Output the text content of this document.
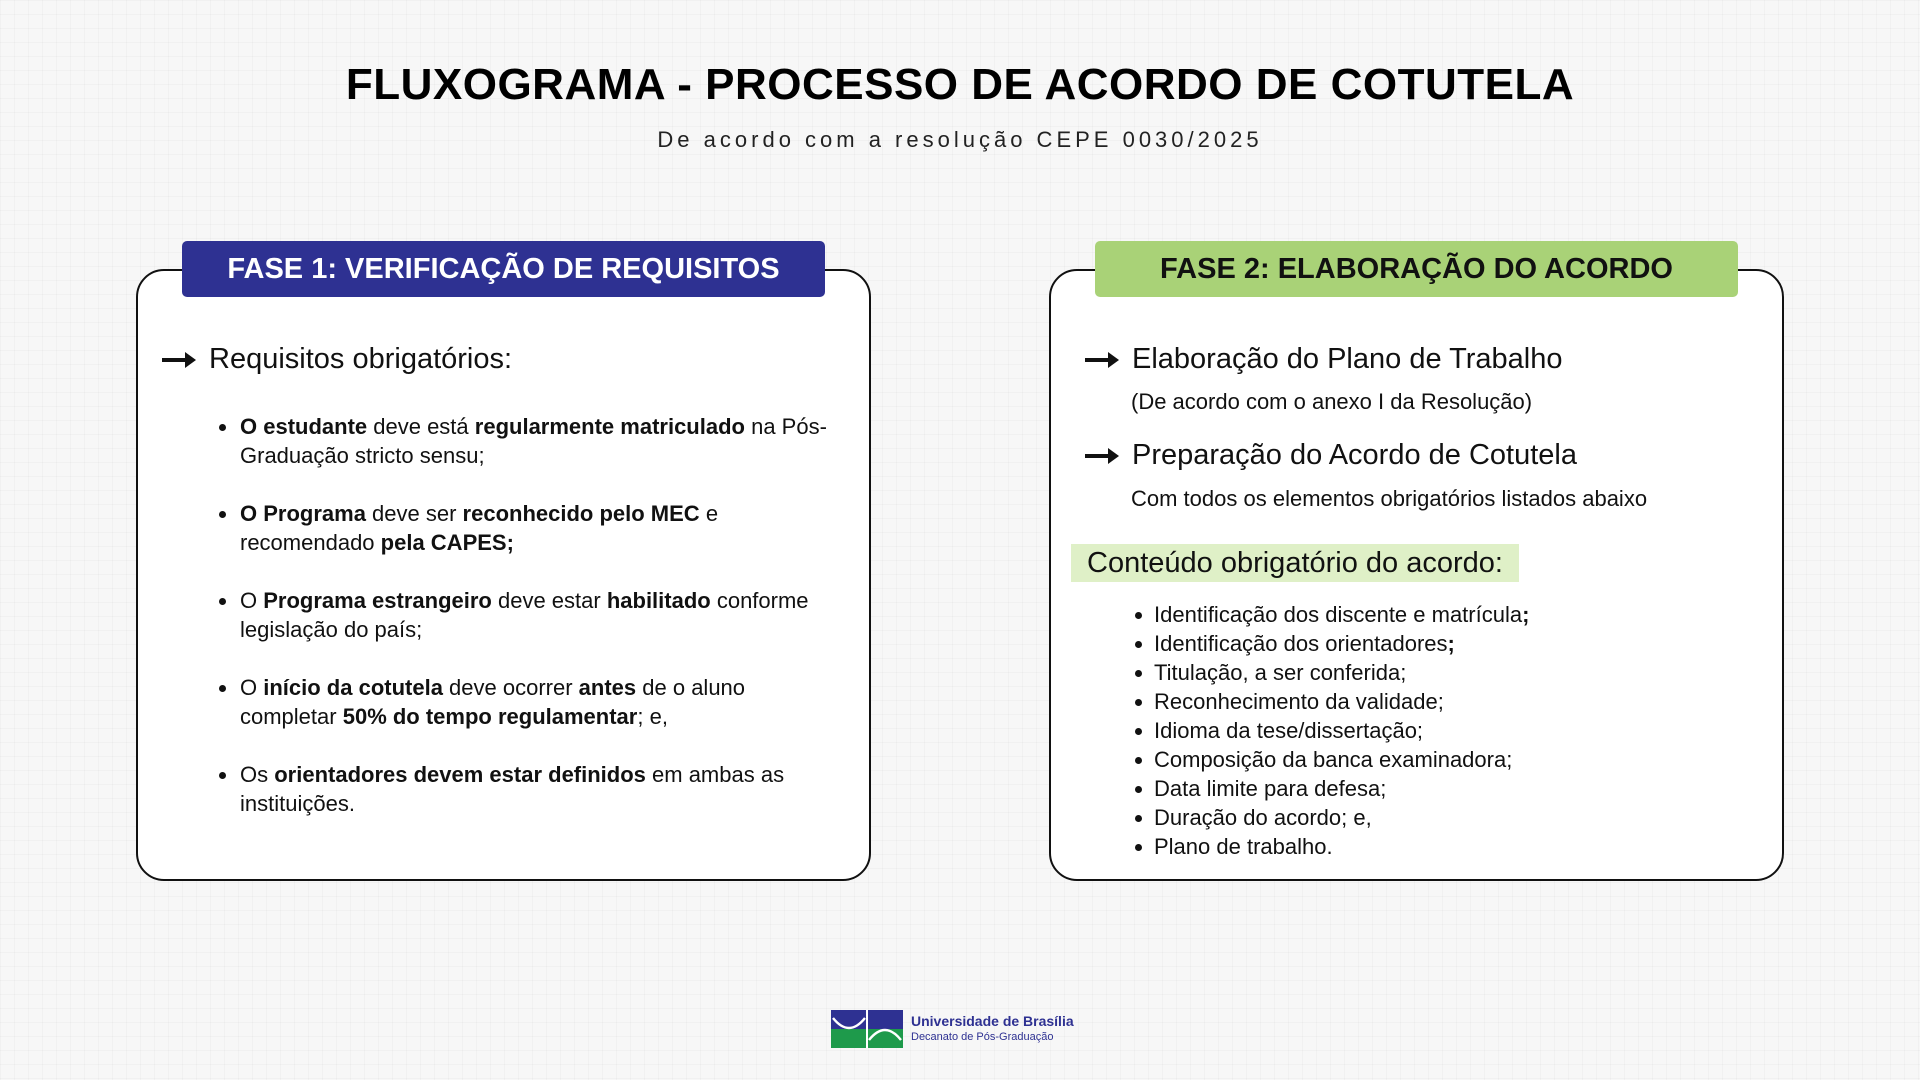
FLUXOGRAMA - PROCESSO DE ACORDO DE COTUTELA
De acordo com a resolução CEPE 0030/2025
FASE 1: VERIFICAÇÃO DE REQUISITOS
Requisitos obrigatórios:
O estudante deve está regularmente matriculado na Pós-Graduação stricto sensu;
O Programa deve ser reconhecido pelo MEC e recomendado pela CAPES;
O Programa estrangeiro deve estar habilitado conforme legislação do país;
O início da cotutela deve ocorrer antes de o aluno completar 50% do tempo regulamentar; e,
Os orientadores devem estar definidos em ambas as instituições.
FASE 2: ELABORAÇÃO DO ACORDO
Elaboração do Plano de Trabalho
(De acordo com o anexo I da Resolução)
Preparação do Acordo de Cotutela
Com todos os elementos obrigatórios listados abaixo
Conteúdo obrigatório do acordo:
Identificação dos discente e matrícula;
Identificação dos orientadores;
Titulação, a ser conferida;
Reconhecimento da validade;
Idioma da tese/dissertação;
Composição da banca examinadora;
Data limite para defesa;
Duração do acordo; e,
Plano de trabalho.
Universidade de Brasília
Decanato de Pós-Graduação
